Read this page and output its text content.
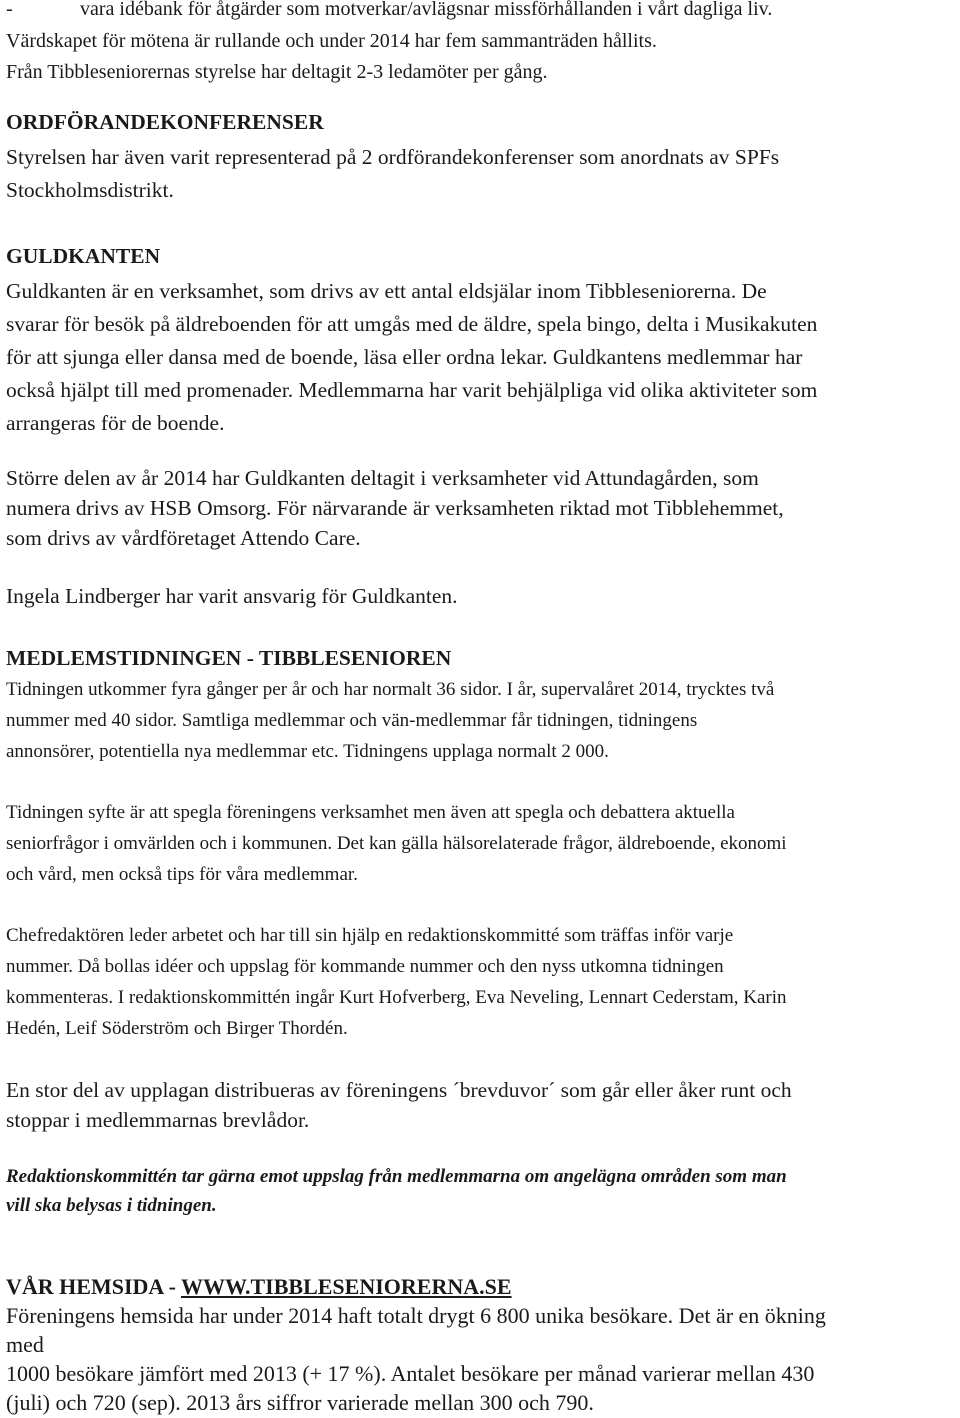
-	vara idébank för åtgärder som motverkar/avlägsnar missförhållanden i vårt dagliga liv.
Värdskapet för mötena är rullande och under 2014 har fem sammanträden hållits.
Från Tibbleseniorernas styrelse har deltagit 2-3 ledamöter per gång.
ORDFÖRANDEKONFERENSER
Styrelsen har även varit representerad på 2 ordförandekonferenser som anordnats av SPFs
Stockholmsdistrikt.
GULDKANTEN
Guldkanten är en verksamhet, som drivs av ett antal eldsjälar inom Tibbleseniorerna. De
svarar för besök på äldreboenden för att umgås med de äldre, spela bingo, delta i Musikakuten
för att sjunga eller dansa med de boende, läsa eller ordna lekar. Guldkantens medlemmar har
också hjälpt till med promenader. Medlemmarna har varit behjälpliga vid olika aktiviteter som
arrangeras för de boende.
Större delen av år 2014 har Guldkanten deltagit i verksamheter vid Attundagården, som
numera drivs av HSB Omsorg. För närvarande är verksamheten riktad mot Tibblehemmet,
som drivs av vårdföretaget Attendo Care.
Ingela Lindberger har varit ansvarig för Guldkanten.
MEDLEMSTIDNINGEN - TIBBLESENIOREN
Tidningen utkommer fyra gånger per år och har normalt 36 sidor. I år, supervalåret 2014, trycktes två
nummer med 40 sidor. Samtliga medlemmar och vän-medlemmar får tidningen, tidningens
annonsörer, potentiella nya medlemmar etc. Tidningens upplaga normalt 2 000.
Tidningen syfte är att spegla föreningens verksamhet men även att spegla och debattera aktuella
seniorfrågor i omvärlden och i kommunen. Det kan gälla hälsorelaterade frågor, äldreboende, ekonomi
och vård, men också tips för våra medlemmar.
Chefredaktören leder arbetet och har till sin hjälp en redaktionskommitté som träffas inför varje
nummer. Då bollas idéer och uppslag för kommande nummer och den nyss utkomna tidningen
kommenteras. I redaktionskommittén ingår Kurt Hofverberg, Eva Neveling, Lennart Cederstam, Karin
Hedén, Leif Söderström och Birger Thordén.
En stor del av upplagan distribueras av föreningens ´brevduvor´ som går eller åker runt och
stoppar i medlemmarnas brevlådor.
Redaktionskommittén tar gärna emot uppslag från medlemmarna om angelägna områden som man
vill ska belysas i tidningen.
VÅR HEMSIDA - WWW.TIBBLESENIORERNA.SE
Föreningens hemsida har under 2014 haft totalt drygt 6 800 unika besökare. Det är en ökning
med
1000 besökare jämfört med 2013 (+ 17 %). Antalet besökare per månad varierar mellan 430
(juli) och 720 (sep). 2013 års siffror varierade mellan 300 och 790.
